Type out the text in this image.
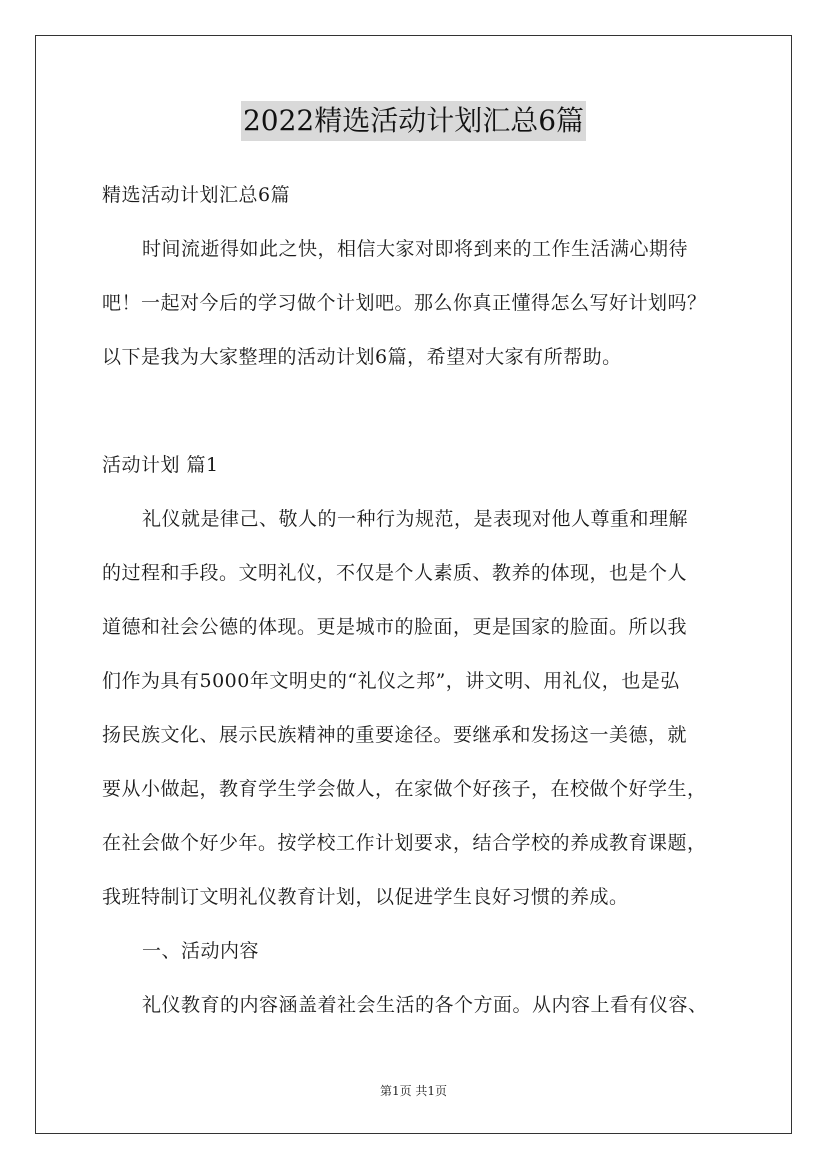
2022精选活动计划汇总6篇
精选活动计划汇总6篇
时间流逝得如此之快，相信大家对即将到来的工作生活满心期待
吧！一起对今后的学习做个计划吧。那么你真正懂得怎么写好计划吗？
以下是我为大家整理的活动计划6篇，希望对大家有所帮助。
活动计划 篇1
礼仪就是律己、敬人的一种行为规范，是表现对他人尊重和理解
的过程和手段。文明礼仪，不仅是个人素质、教养的体现，也是个人
道德和社会公德的体现。更是城市的脸面，更是国家的脸面。所以我
们作为具有5000年文明史的“礼仪之邦”，讲文明、用礼仪，也是弘
扬民族文化、展示民族精神的重要途径。要继承和发扬这一美德，就
要从小做起，教育学生学会做人，在家做个好孩子，在校做个好学生，
在社会做个好少年。按学校工作计划要求，结合学校的养成教育课题，
我班特制订文明礼仪教育计划，以促进学生良好习惯的养成。
一、活动内容
礼仪教育的内容涵盖着社会生活的各个方面。从内容上看有仪容、
第1页 共1页
